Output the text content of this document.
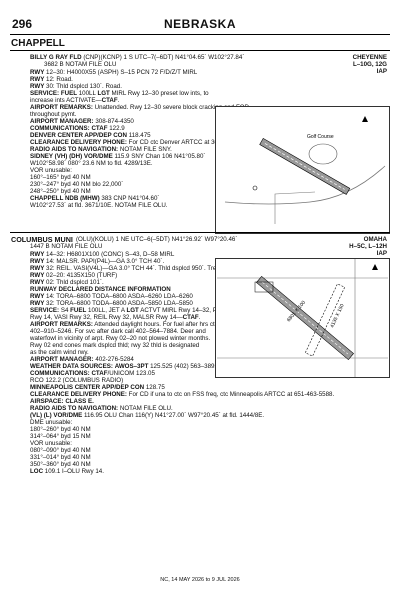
296	NEBRASKA
CHAPPELL
BILLY G RAY FLD (CNP)(KCNP) 1 S UTC–7(–6DT) N41°04.65´ W102°27.84´
3682 B NOTAM FILE OLU
CHEYENNE
L–10G, 12G
IAP
RWY 12–30: H4000X55 (ASPH) S–15 PCN 72 F/D/Z/T MIRL
RWY 12: Road.
RWY 30: Thld dsplcd 130´. Road.
SERVICE: FUEL 100LL LGT MIRL Rwy 12–30 preset low ints, to
increase ints ACTIVATE—CTAF.
AIRPORT REMARKS: Unattended. Rwy 12–30 severe block cracking and FOD
throughout pymt.
AIRPORT MANAGER: 308-874-4350
COMMUNICATIONS: CTAF 122.9
DENVER CENTER APP/DEP CON 118.475
CLEARANCE DELIVERY PHONE: For CD ctc Denver ARTCC at 303-651-4257.
RADIO AIDS TO NAVIGATION: NOTAM FILE SNY.
SIDNEY (VH) (DH) VOR/DME 115.9 SNY Chan 106 N41°05.80´
W102°58.98´ 080° 23.6 NM to fld. 4289/13E.
VOR unusable:
160°–165° byd 40 NM
230°–247° byd 40 NM blo 22,000´
248°–250° byd 40 NM
CHAPPELL NDB (MHW) 383 CNP N41°04.60´
W102°27.53´ at fld. 3671/10E. NOTAM FILE OLU.
Golf Course
COLUMBUS MUNI (OLU)(KOLU) 1 NE UTC–6(–5DT) N41°26.92´ W97°20.46´
1447 B NOTAM FILE OLU
OMAHA
H–5C, L–12H
IAP
RWY 14–32: H6801X100 (CONC) S–43, D–58 MIRL
RWY 14: MALSR. PAPI(P4L)—GA 3.0° TCH 40´.
RWY 32: REIL. VASI(V4L)—GA 3.0° TCH 44´. Thld dsplcd 950´. Tree.
RWY 02–20: 4135X150 (TURF)
RWY 02: Thld dsplcd 101´.
RUNWAY DECLARED DISTANCE INFORMATION
RWY 14: TORA–6800 TODA–6800 ASDA–6260 LDA–6260
RWY 32: TORA–6800 TODA–6800 ASDA–5850 LDA–5850
SERVICE: S4 FUEL 100LL, JET A LGT ACTVT MIRL Rwy 14–32, PAPI
Rwy 14, VASI Rwy 32, REIL Rwy 32, MALSR Rwy 14—CTAF.
AIRPORT REMARKS: Attended daylight hours. For fuel after hrs ctc
402–910–5246. For svc after dark call 402–564–7884. Deer and
waterfowl in vicinity of arpt. Rwy 02–20 not plowed winter months.
Rwy 02 end cones mark dsplcd thld; rwy 32 thld is designated
as the calm wind rwy.
AIRPORT MANAGER: 402-276-5284
WEATHER DATA SOURCES: AWOS–3PT 125.525 (402) 563–3895.
COMMUNICATIONS: CTAF/UNICOM 123.05
RCO 122.2 (COLUMBUS RADIO)
MINNEAPOLIS CENTER APP/DEP CON 128.75
CLEARANCE DELIVERY PHONE: For CD if una to ctc on FSS freq, ctc Minneapolis ARTCC at 651-463-5588.
AIRSPACE: CLASS E.
RADIO AIDS TO NAVIGATION: NOTAM FILE OLU.
(VL) (L) VOR/DME 116.95 OLU Chan 116(Y) N41°27.00´ W97°20.45´ at fld. 1444/8E.
DME unusable:
180°–260° byd 40 NM
314°–064° byd 15 NM
VOR unusable:
080°–090° byd 40 NM
331°–014° byd 40 NM
350°–360° byd 40 NM
LOC 109.1 I–OLU Rwy 14.
6801 X 100	4135 X 150
NC, 14 MAY 2026 to 9 JUL 2026
